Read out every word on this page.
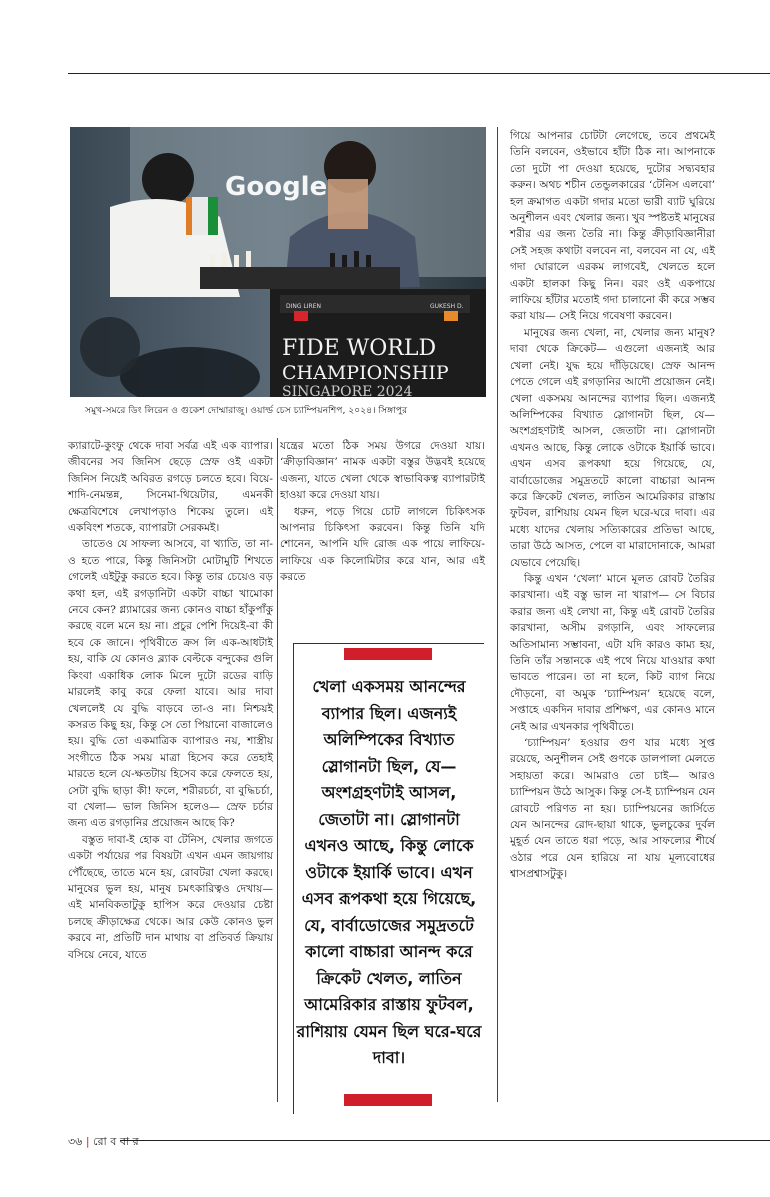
Google
DING LIREN	GUKESH D.
FIDE WORLD
CHAMPIONSHIP
SINGAPORE 2024
সমুখ-সমরে ডিং লিরেন ও গুকেশ দোম্মারাজু। ওয়ার্ল্ড চেস চ্যাম্পিয়নশিপ, ২০২৪। সিঙ্গাপুর

ক্যারাটে-কুংফু থেকে দাবা সর্বত্র এই এক ব্যাপার। জীবনের সব জিনিস ছেড়ে স্রেফ ওই একটা জিনিস নিয়েই অবিরত রগড়ে চলতে হবে। বিয়ে-শাদি-নেমন্তন্ন, সিনেমা-থিয়েটার, এমনকী ক্ষেত্রবিশেষে লেখাপড়াও শিকেয় তুলে। এই একবিংশ শতকে, ব্যাপারটা সেরকমই।

তাতেও যে সাফল্য আসবে, বা খ্যাতি, তা না-ও হতে পারে, কিন্তু জিনিসটা মোটামুটি শিখতে গেলেই এইটুকু করতে হবে। কিন্তু তার চেয়েও বড় কথা হল, এই রগড়ানিটা একটা বাচ্চা খামোকা নেবে কেন? গ্ল্যামারের জন্য কোনও বাচ্চা হাঁকুপাঁকু করছে বলে মনে হয় না। প্রচুর পেশি দিয়েই-বা কী হবে কে জানে। পৃথিবীতে ক্রস লি এক-আধটাই হয়, বাকি যে কোনও ব্ল্যাক বেল্টকে বন্দুকের গুলি কিংবা একাধিক লোক মিলে দুটো রডের বাড়ি মারলেই কাবু করে ফেলা যাবে। আর দাবা খেললেই যে বুদ্ধি বাড়বে তা-ও না। নিশ্চয়ই কসরত কিছু হয়, কিন্তু সে তো পিয়ানো বাজালেও হয়। বুদ্ধি তো একমাত্রিক ব্যাপারও নয়, শাস্ত্রীয় সংগীতে ঠিক সময় মাত্রা হিসেব করে তেহাই মারতে হলে যে-ক্ষতটায় হিসেব করে ফেলতে হয়, সেটা বুদ্ধি ছাড়া কী! ফলে, শরীরচর্চা, বা বুদ্ধিচর্চা, বা খেলা— ভাল জিনিস হলেও— স্রেফ চর্চার জন্য এত রগড়ানির প্রয়োজন আছে কি?

বস্তুত দাবা-ই হোক বা টেনিস, খেলার জগতে একটা পর্যায়ের পর বিষয়টা এখন এমন জায়গায় পৌঁছেছে, তাতে মনে হয়, রোবটরা খেলা করছে। মানুষের ভুল হয়, মানুষ চমৎকারিত্বও দেখায়— এই মানবিকতাটুকু হাপিস করে দেওয়ার চেষ্টা চলছে ক্রীড়াক্ষেত্র থেকে। আর কেউ কোনও ভুল করবে না, প্রতিটি দান মাথায় বা প্রতিবর্ত ক্রিয়ায় বসিয়ে নেবে, যাতে

যন্ত্রের মতো ঠিক সময় উগরে দেওয়া যায়। ‘ক্রীড়াবিজ্ঞান’ নামক একটা বস্তুর উদ্ভবই হয়েছে এজন্য, যাতে খেলা থেকে স্বাভাবিকত্ব ব্যাপারটাই হাওয়া করে দেওয়া যায়।

ধরুন, পড়ে গিয়ে চোট লাগলে চিকিৎসক আপনার চিকিৎসা করবেন। কিন্তু তিনি যদি শোনেন, আপনি যদি রোজ এক পায়ে লাফিয়ে-লাফিয়ে এক কিলোমিটার করে যান, আর এই করতে

খেলা একসময় আনন্দের ব্যাপার ছিল। এজন্যই অলিম্পিকের বিখ্যাত স্লোগানটা ছিল, যে— অংশগ্রহণটাই আসল, জেতাটা না। স্লোগানটা এখনও আছে, কিন্তু লোকে ওটাকে ইয়ার্কি ভাবে। এখন এসব রূপকথা হয়ে গিয়েছে, যে, বার্বাডোজের সমুদ্রতটে কালো বাচ্চারা আনন্দ করে ক্রিকেট খেলত, লাতিন আমেরিকার রাস্তায় ফুটবল, রাশিয়ায় যেমন ছিল ঘরে-ঘরে দাবা।

গিয়ে আপনার চোটটা লেগেছে, তবে প্রথমেই তিনি বলবেন, ওইভাবে হাঁটা ঠিক না। আপনাকে তো দুটো পা দেওয়া হয়েছে, দুটোর সদ্ব্যবহার করুন। অথচ শচীন তেন্ডুলকারের ‘টেনিস এলবো’ হল ক্রমাগত একটা গদার মতো ভারী ব্যাট ঘুরিয়ে অনুশীলন এবং খেলার জন্য। খুব স্পষ্টতই মানুষের শরীর এর জন্য তৈরি না। কিন্তু ক্রীড়াবিজ্ঞানীরা সেই সহজ কথাটা বলবেন না, বলবেন না যে, এই গদা ঘোরালে এরকম লাগবেই, খেলতে হলে একটা হালকা কিছু নিন। বরং ওই একপায়ে লাফিয়ে হাঁটার মতোই গদা চালানো কী করে সম্ভব করা যায়— সেই নিয়ে গবেষণা করবেন।

মানুষের জন্য খেলা, না, খেলার জন্য মানুষ? দাবা থেকে ক্রিকেট— এগুলো এজন্যই আর খেলা নেই। যুদ্ধ হয়ে দাঁড়িয়েছে। স্রেফ আনন্দ পেতে গেলে এই রগড়ানির আদৌ প্রয়োজন নেই। খেলা একসময় আনন্দের ব্যাপার ছিল। এজন্যই অলিম্পিকের বিখ্যাত স্লোগানটা ছিল, যে— অংশগ্রহণটাই আসল, জেতাটা না। স্লোগানটা এখনও আছে, কিন্তু লোকে ওটাকে ইয়ার্কি ভাবে। এখন এসব রূপকথা হয়ে গিয়েছে, যে, বার্বাডোজের সমুদ্রতটে কালো বাচ্চারা আনন্দ করে ক্রিকেট খেলত, লাতিন আমেরিকার রাস্তায় ফুটবল, রাশিয়ায় যেমন ছিল ঘরে-ঘরে দাবা। এর মধ্যে যাদের খেলায় সত্যিকারের প্রতিভা আছে, তারা উঠে আসত, পেলে বা মারাদোনাকে, আমরা যেভাবে পেয়েছি।

কিন্তু এখন ‘খেলা’ মানে মূলত রোবট তৈরির কারখানা। এই বস্তু ভাল না খারাপ— সে বিচার করার জন্য এই লেখা না, কিন্তু এই রোবট তৈরির কারখানা, অসীম রগড়ানি, এবং সাফল্যের অতিসামান্য সম্ভাবনা, এটা যদি কারও কাম্য হয়, তিনি তাঁর সন্তানকে এই পথে নিয়ে যাওয়ার কথা ভাবতে পারেন। তা না হলে, কিট ব্যাগ নিয়ে দৌড়নো, বা অমুক ‘চ্যাম্পিয়ন’ হয়েছে বলে, সপ্তাহে একদিন দাবার প্রশিক্ষণ, এর কোনও মানে নেই আর এখনকার পৃথিবীতে।

‘চ্যাম্পিয়ন’ হওয়ার গুণ যার মধ্যে সুপ্ত রয়েছে, অনুশীলন সেই গুণকে ডালপালা মেলতে সহায়তা করে। আমরাও তো চাই— আরও চ্যাম্পিয়ন উঠে আসুক। কিন্তু সে-ই চ্যাম্পিয়ন যেন রোবটে পরিণত না হয়। চ্যাম্পিয়নের জার্সিতে যেন আনন্দের রোদ-ছায়া থাকে, ভুলচুকের দুর্বল মুহূর্ত যেন তাতে ধরা পড়ে, আর সাফল্যের শীর্ষে ওঠার পরে যেন হারিয়ে না যায় মূল্যবোধের শ্বাসপ্রশ্বাসটুকু।

৩৬ | রো ব বা র
